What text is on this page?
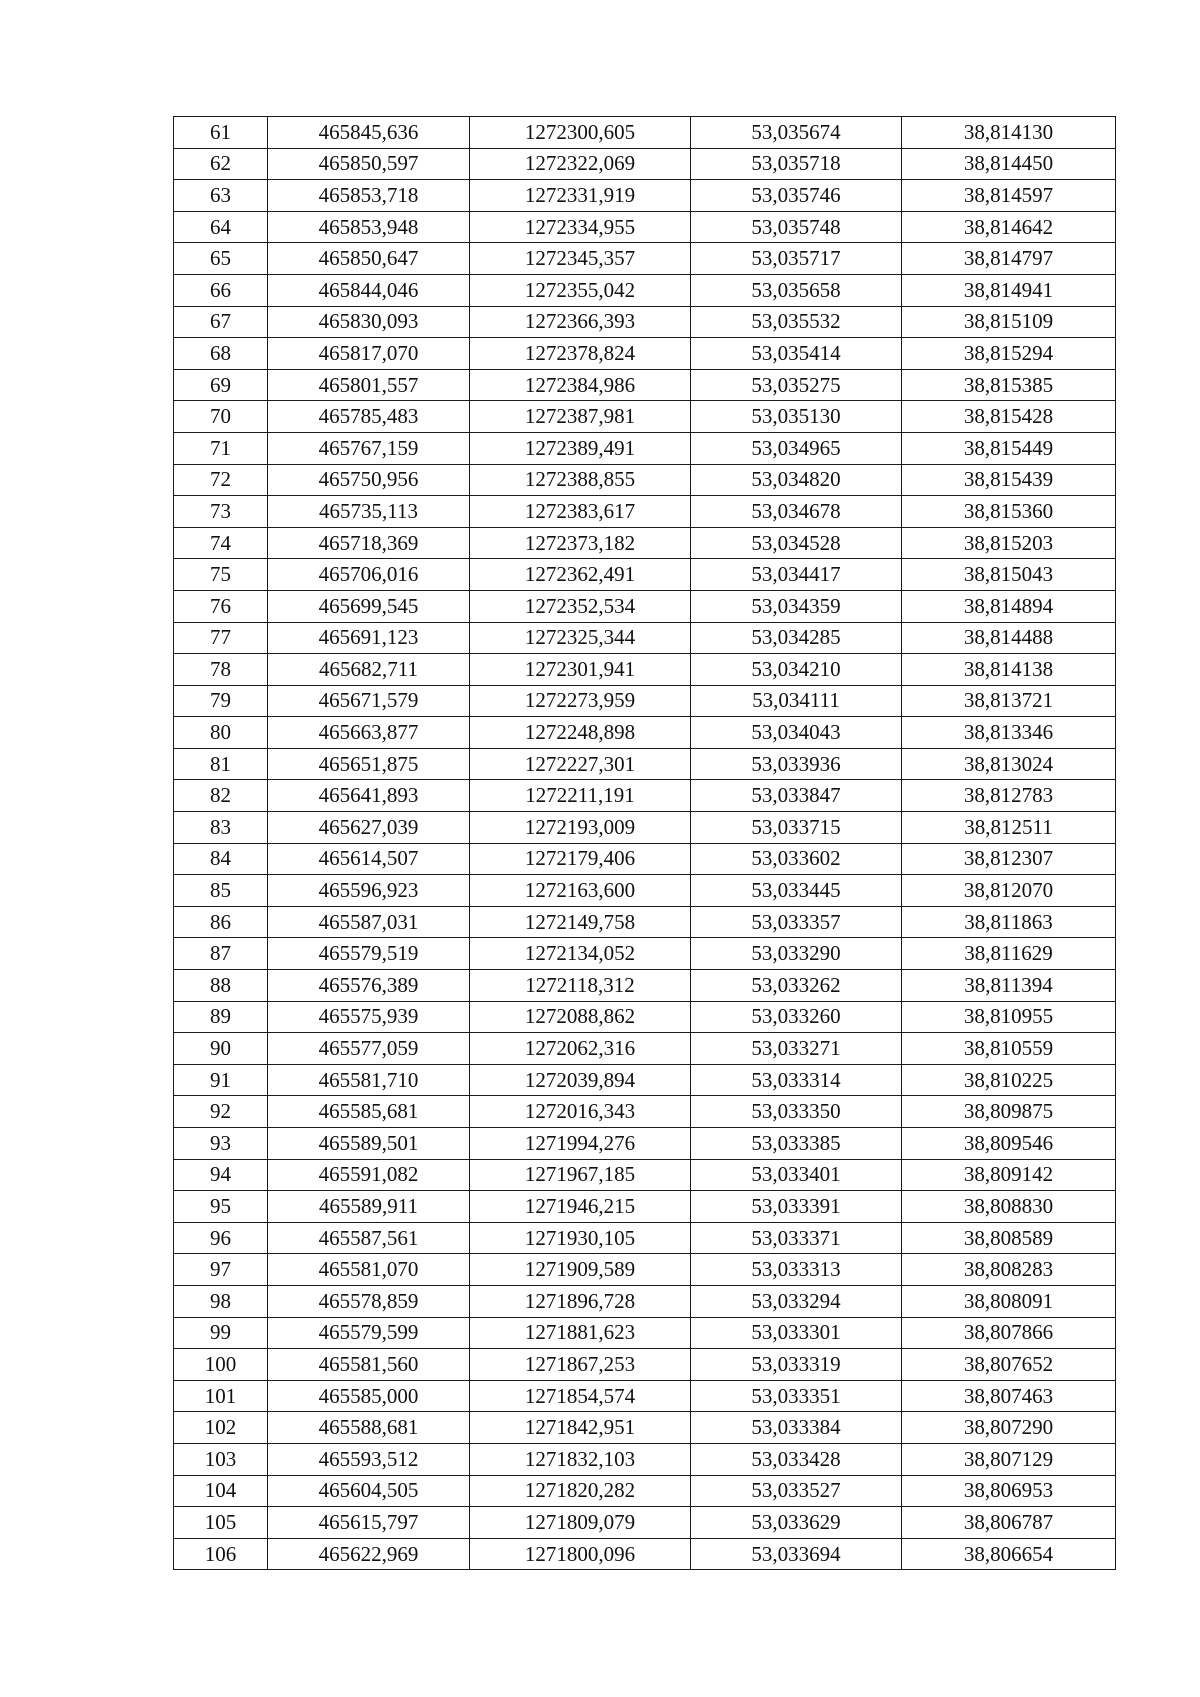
61	465845,636	1272300,605	53,035674	38,814130
62	465850,597	1272322,069	53,035718	38,814450
63	465853,718	1272331,919	53,035746	38,814597
64	465853,948	1272334,955	53,035748	38,814642
65	465850,647	1272345,357	53,035717	38,814797
66	465844,046	1272355,042	53,035658	38,814941
67	465830,093	1272366,393	53,035532	38,815109
68	465817,070	1272378,824	53,035414	38,815294
69	465801,557	1272384,986	53,035275	38,815385
70	465785,483	1272387,981	53,035130	38,815428
71	465767,159	1272389,491	53,034965	38,815449
72	465750,956	1272388,855	53,034820	38,815439
73	465735,113	1272383,617	53,034678	38,815360
74	465718,369	1272373,182	53,034528	38,815203
75	465706,016	1272362,491	53,034417	38,815043
76	465699,545	1272352,534	53,034359	38,814894
77	465691,123	1272325,344	53,034285	38,814488
78	465682,711	1272301,941	53,034210	38,814138
79	465671,579	1272273,959	53,034111	38,813721
80	465663,877	1272248,898	53,034043	38,813346
81	465651,875	1272227,301	53,033936	38,813024
82	465641,893	1272211,191	53,033847	38,812783
83	465627,039	1272193,009	53,033715	38,812511
84	465614,507	1272179,406	53,033602	38,812307
85	465596,923	1272163,600	53,033445	38,812070
86	465587,031	1272149,758	53,033357	38,811863
87	465579,519	1272134,052	53,033290	38,811629
88	465576,389	1272118,312	53,033262	38,811394
89	465575,939	1272088,862	53,033260	38,810955
90	465577,059	1272062,316	53,033271	38,810559
91	465581,710	1272039,894	53,033314	38,810225
92	465585,681	1272016,343	53,033350	38,809875
93	465589,501	1271994,276	53,033385	38,809546
94	465591,082	1271967,185	53,033401	38,809142
95	465589,911	1271946,215	53,033391	38,808830
96	465587,561	1271930,105	53,033371	38,808589
97	465581,070	1271909,589	53,033313	38,808283
98	465578,859	1271896,728	53,033294	38,808091
99	465579,599	1271881,623	53,033301	38,807866
100	465581,560	1271867,253	53,033319	38,807652
101	465585,000	1271854,574	53,033351	38,807463
102	465588,681	1271842,951	53,033384	38,807290
103	465593,512	1271832,103	53,033428	38,807129
104	465604,505	1271820,282	53,033527	38,806953
105	465615,797	1271809,079	53,033629	38,806787
106	465622,969	1271800,096	53,033694	38,806654
